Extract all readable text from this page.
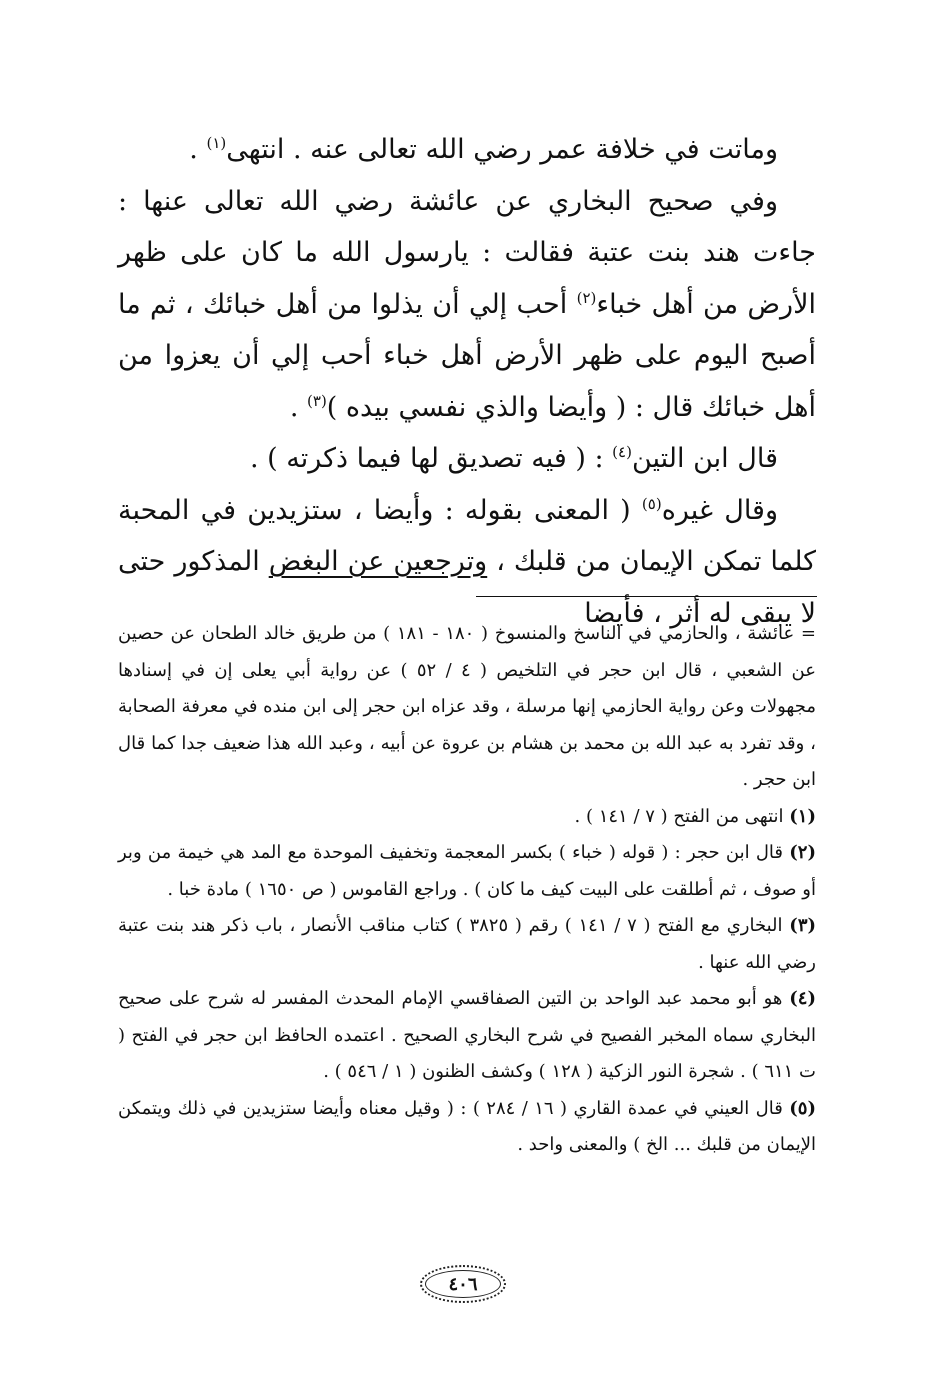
وماتت في خلافة عمر رضي الله تعالى عنه . انتهى$^{(١)}$ .

وفي صحيح البخاري عن عائشة رضي الله تعالى عنها : جاءت هند بنت عتبة فقالت : يارسول الله ما كان على ظهر الأرض من أهل خباء$^{(٢)}$ أحب إلي أن يذلوا من أهل خبائك ، ثم ما أصبح اليوم على ظهر الأرض أهل خباء أحب إلي أن يعزوا من أهل خبائك قال : ( وأيضا والذي نفسي بيده )$^{(٣)}$ .

قال ابن التين$^{(٤)}$ : ( فيه تصديق لها فيما ذكرته ) .

وقال غيره$^{(٥)}$ ( المعنى بقوله : وأيضا ، ستزيدين في المحبة كلما تمكن الإيمان من قلبك ، وترجعين عن البغض المذكور حتى لا يبقى له أثر ، فأيضا

= عائشة ، والحازمي في الناسخ والمنسوخ ( ١٨٠ - ١٨١ ) من طريق خالد الطحان عن حصين عن الشعبي ، قال ابن حجر في التلخيص ( ٤ / ٥٢ ) عن رواية أبي يعلى إن في إسنادها مجهولات وعن رواية الحازمي إنها مرسلة ، وقد عزاه ابن حجر إلى ابن منده في معرفة الصحابة ، وقد تفرد به عبد الله بن محمد بن هشام بن عروة عن أبيه ، وعبد الله هذا ضعيف جدا كما قال ابن حجر .

(١) انتهى من الفتح ( ٧ / ١٤١ ) .

(٢) قال ابن حجر : ( قوله ( خباء ) بكسر المعجمة وتخفيف الموحدة مع المد هي خيمة من وبر أو صوف ، ثم أطلقت على البيت كيف ما كان ) . وراجع القاموس ( ص ١٦٥٠ ) مادة خبا .

(٣) البخاري مع الفتح ( ٧ / ١٤١ ) رقم ( ٣٨٢٥ ) كتاب مناقب الأنصار ، باب ذكر هند بنت عتبة رضي الله عنها .

(٤) هو أبو محمد عبد الواحد بن التين الصفاقسي الإمام المحدث المفسر له شرح على صحيح البخاري سماه المخبر الفصيح في شرح البخاري الصحيح . اعتمده الحافظ ابن حجر في الفتح ( ت ٦١١ ) . شجرة النور الزكية ( ١٢٨ ) وكشف الظنون ( ١ / ٥٤٦ ) .

(٥) قال العيني في عمدة القاري ( ١٦ / ٢٨٤ ) : ( وقيل معناه وأيضا ستزيدين في ذلك ويتمكن الإيمان من قلبك ... الخ ) والمعنى واحد .

٤٠٦
